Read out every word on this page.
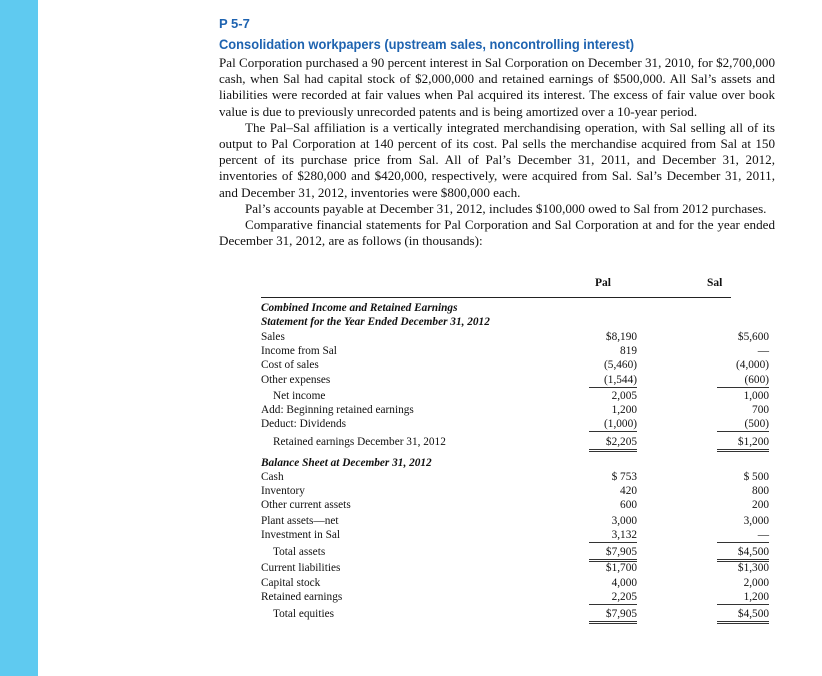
P 5-7
Consolidation workpapers (upstream sales, noncontrolling interest)

Pal Corporation purchased a 90 percent interest in Sal Corporation on December 31, 2010, for $2,700,000 cash, when Sal had capital stock of $2,000,000 and retained earnings of $500,000. All Sal’s assets and liabilities were recorded at fair values when Pal acquired its interest. The excess of fair value over book value is due to previously unrecorded patents and is being amortized over a 10-year period.

The Pal–Sal affiliation is a vertically integrated merchandising operation, with Sal selling all of its output to Pal Corporation at 140 percent of its cost. Pal sells the merchandise acquired from Sal at 150 percent of its purchase price from Sal. All of Pal’s December 31, 2011, and December 31, 2012, inventories of $280,000 and $420,000, respectively, were acquired from Sal. Sal’s December 31, 2011, and December 31, 2012, inventories were $800,000 each.

Pal’s accounts payable at December 31, 2012, includes $100,000 owed to Sal from 2012 purchases.

Comparative financial statements for Pal Corporation and Sal Corporation at and for the year ended December 31, 2012, are as follows (in thousands):

Pal	Sal
Combined Income and Retained Earnings
Statement for the Year Ended December 31, 2012
Sales	$8,190	$5,600
Income from Sal	819	—
Cost of sales	(5,460)	(4,000)
Other expenses	(1,544)	(600)
Net income	2,005	1,000
Add: Beginning retained earnings	1,200	700
Deduct: Dividends	(1,000)	(500)
Retained earnings December 31, 2012	$2,205	$1,200
Balance Sheet at December 31, 2012
Cash	$ 753	$ 500
Inventory	420	800
Other current assets	600	200
Plant assets—net	3,000	3,000
Investment in Sal	3,132	—
Total assets	$7,905	$4,500
Current liabilities	$1,700	$1,300
Capital stock	4,000	2,000
Retained earnings	2,205	1,200
Total equities	$7,905	$4,500
